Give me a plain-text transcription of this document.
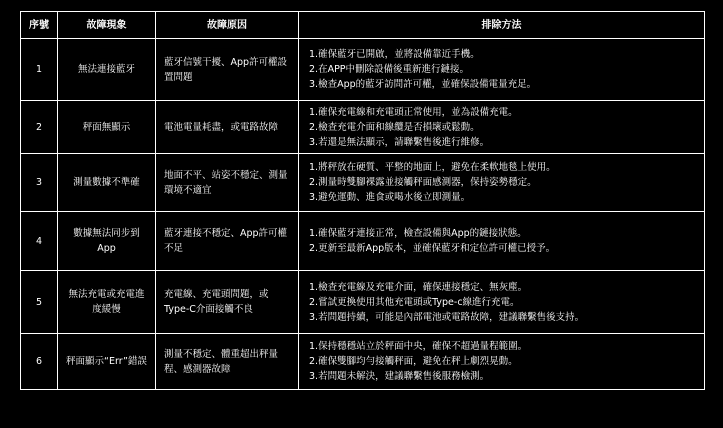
序號	故障現象	故障原因	排除方法
1	無法連接藍牙	藍牙信號干擾、App許可權設置問題	1.確保藍牙已開啟，並將設備靠近手機。
2.在APP中刪除設備後重新進行鏈接。
3.檢查App的藍牙訪問許可權，並確保設備電量充足。

2	秤面無顯示	電池電量耗盡，或電路故障	1.確保充電線和充電頭正常使用，並為設備充電。
2.檢查充電介面和線纜是否損壞或鬆動。
3.若還是無法顯示，請聯繫售後進行維修。

3	測量數據不準確	地面不平、站姿不穩定、測量環境不適宜	1.將秤放在硬質、平整的地面上，避免在柔軟地毯上使用。
2.測量時雙腳裸露並接觸秤面感測器，保持姿勢穩定。
3.避免運動、進食或喝水後立即測量。

4	數據無法同步到App	藍牙連接不穩定、App許可權不足	1.確保藍牙連接正常，檢查設備與App的鏈接狀態。
2.更新至最新App版本，並確保藍牙和定位許可權已授予。

5	無法充電或充電進度緩慢	充電線、充電頭問題，或Type-C介面接觸不良	1.檢查充電線及充電介面，確保連接穩定、無灰塵。
2.嘗試更換使用其他充電頭或Type-c線進行充電。
3.若問題持續，可能是內部電池或電路故障，建議聯繫售後支持。

6	秤面顯示“Err”錯誤	測量不穩定、體重超出秤量程、感測器故障	1.保持穩穩站立於秤面中央，確保不超過量程範圍。
2.確保雙腳均勻接觸秤面，避免在秤上劇烈晃動。
3.若問題未解決，建議聯繫售後服務檢測。
